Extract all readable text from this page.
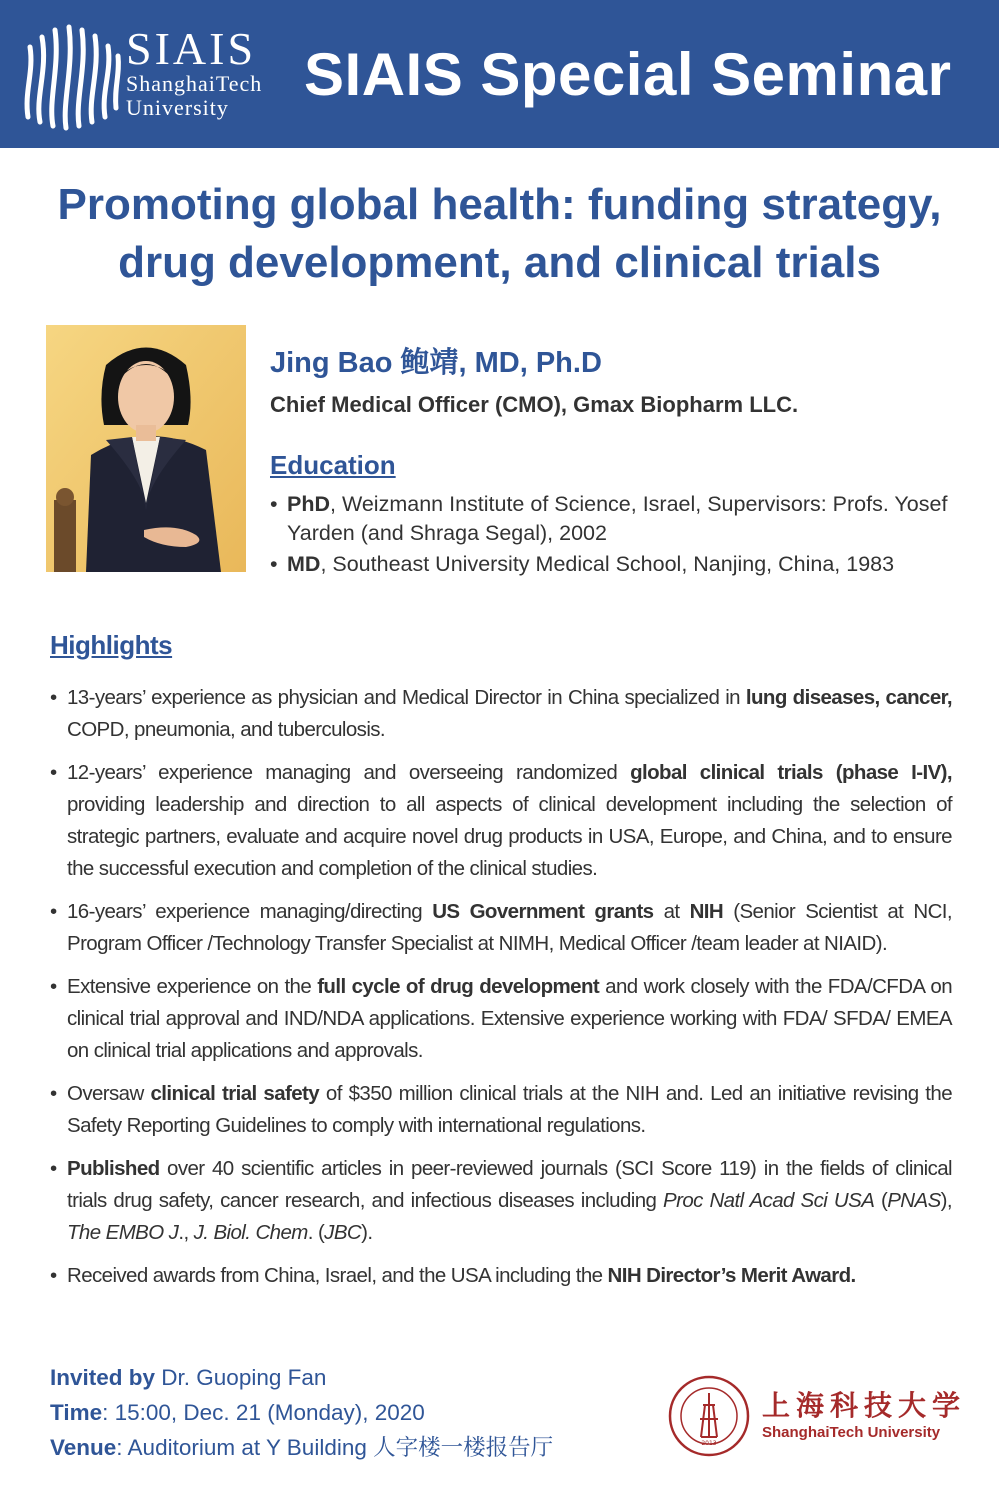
SIAIS
ShanghaiTech
University	SIAIS Special Seminar
Promoting global health: funding strategy,
drug development, and clinical trials
Jing Bao 鲍靖, MD, Ph.D
Chief Medical Officer (CMO), Gmax Biopharm LLC.
Education
• PhD, Weizmann Institute of Science, Israel, Supervisors: Profs. Yosef Yarden (and Shraga Segal), 2002
• MD, Southeast University Medical School, Nanjing, China, 1983
Highlights
• 13-years’ experience as physician and Medical Director in China specialized in lung diseases, cancer, COPD, pneumonia, and tuberculosis.
• 12-years’ experience managing and overseeing randomized global clinical trials (phase I-IV), providing leadership and direction to all aspects of clinical development including the selection of strategic partners, evaluate and acquire novel drug products in USA, Europe, and China, and to ensure the successful execution and completion of the clinical studies.
• 16-years’ experience managing/directing US Government grants at NIH (Senior Scientist at NCI, Program Officer /Technology Transfer Specialist at NIMH, Medical Officer /team leader at NIAID).
• Extensive experience on the full cycle of drug development and work closely with the FDA/CFDA on clinical trial approval and IND/NDA applications. Extensive experience working with FDA/ SFDA/ EMEA on clinical trial applications and approvals.
• Oversaw clinical trial safety of $350 million clinical trials at the NIH and. Led an initiative revising the Safety Reporting Guidelines to comply with international regulations.
• Published over 40 scientific articles in peer-reviewed journals (SCI Score 119) in the fields of clinical trials drug safety, cancer research, and infectious diseases including Proc Natl Acad Sci USA (PNAS), The EMBO J., J. Biol. Chem. (JBC).
• Received awards from China, Israel, and the USA including the NIH Director’s Merit Award.
Invited by Dr. Guoping Fan
Time: 15:00, Dec. 21 (Monday), 2020
Venue: Auditorium at Y Building 人字楼一楼报告厅	2013
上海科技大学
ShanghaiTech University
